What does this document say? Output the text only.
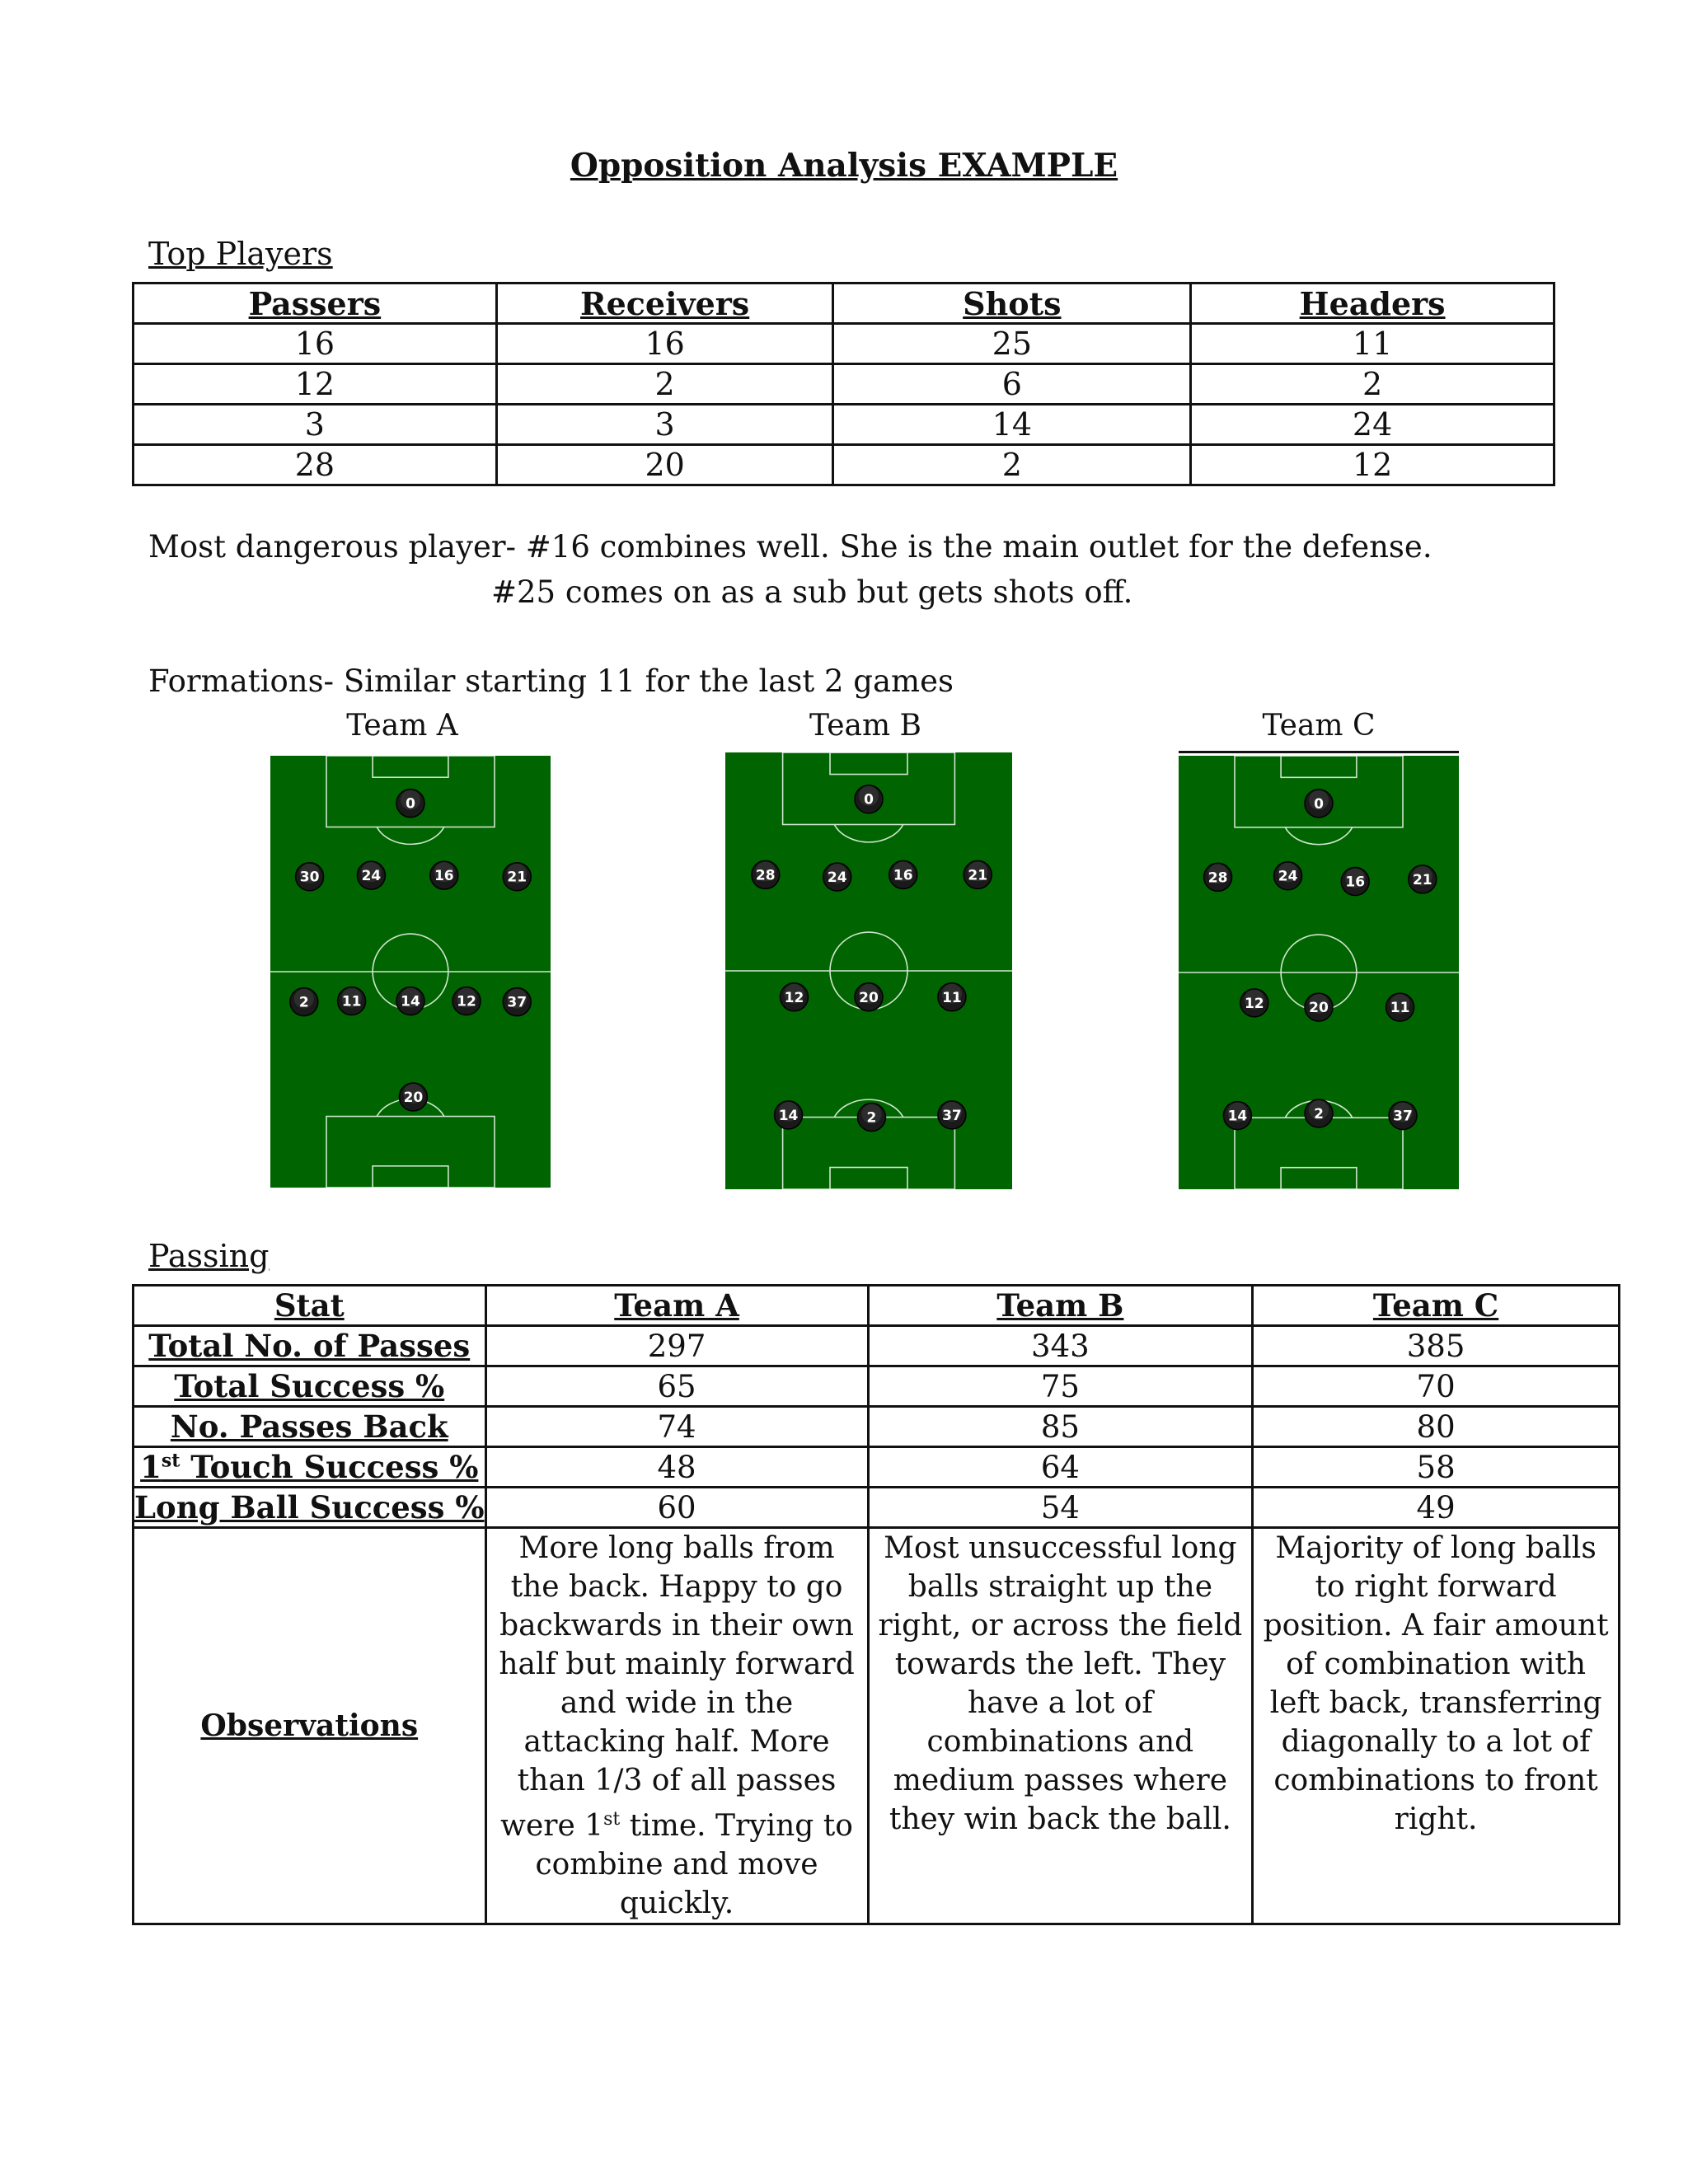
Opposition Analysis EXAMPLE
Top Players
Passers	Receivers	Shots	Headers
16	16	25	11
12	2	6	2
3	3	14	24
28	20	2	12
Most dangerous player- #16 combines well. She is the main outlet for the defense.
#25 comes on as a sub but gets shots off.
Formations- Similar starting 11 for the last 2 games
Team A	Team B	Team C
0
30	24	16	21
2 11	14	12 37
20
0
28	24	16	21
12	20	11
14	2	37
0
28	24	16	21
12	20	11
14	2	37
Passing
Stat	Team A	Team B	Team C
Total No. of Passes	297	343	385
Total Success %	65	75	70
No. Passes Back	74	85	80
1st Touch Success %	48	64	58
Long Ball Success %	60	54	49
Observations	More long balls from the back. Happy to go backwards in their own half but mainly forward and wide in the attacking half. More than 1/3 of all passes were 1st time. Trying to combine and move quickly.	Most unsuccessful long balls straight up the right, or across the field towards the left. They have a lot of combinations and medium passes where they win back the ball.	Majority of long balls to right forward position. A fair amount of combination with left back, transferring diagonally to a lot of combinations to front right.
